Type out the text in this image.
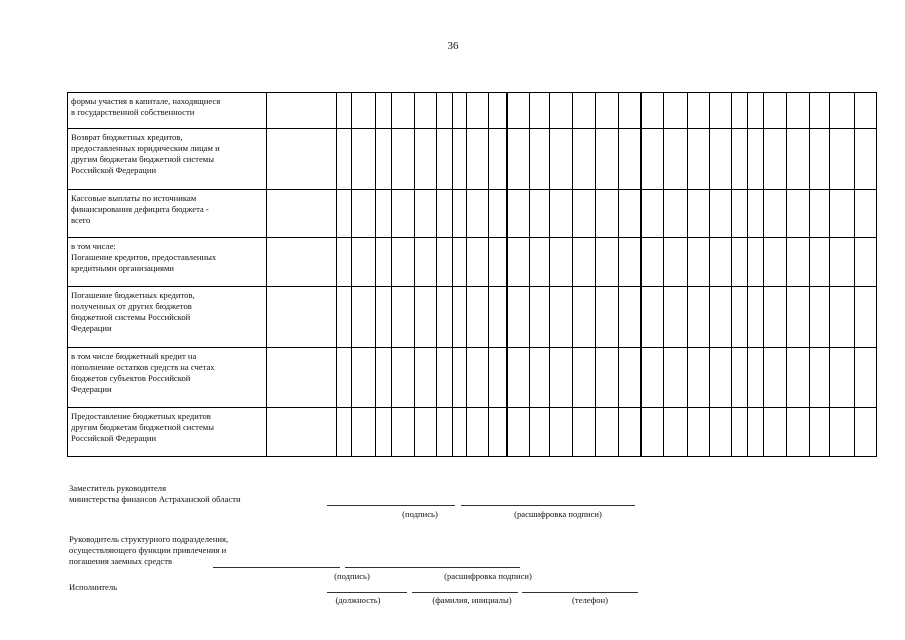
36
формы участия в капитале, находящиеся
в государственной собственности																											
Возврат бюджетных кредитов,
предоставленных юридическим лицам и
другим бюджетам бюджетной системы
Российской Федерации																											
Кассовые выплаты по источникам
финансирования дефицита бюджета -
всего																											
в том числе:
Погашение кредитов, предоставленных
кредитными организациями																											
Погашение бюджетных кредитов,
полученных от других бюджетов
бюджетной системы Российской
Федерации																											
в том числе бюджетный кредит на
пополнение остатков средств на счетах
бюджетов субъектов Российской
Федерации																											
Предоставление бюджетных кредитов
другим бюджетам бюджетной системы
Российской Федерации																											
Заместитель руководителя
министерства финансов Астраханской области
(подпись)	(расшифровка подписи)
Руководитель структурного подразделения,
осуществляющего функции привлечения и
погашения заемных средств
(подпись)	(расшифровка подписи)
Исполнитель
(должность)	(фамилия, инициалы)	(телефон)
